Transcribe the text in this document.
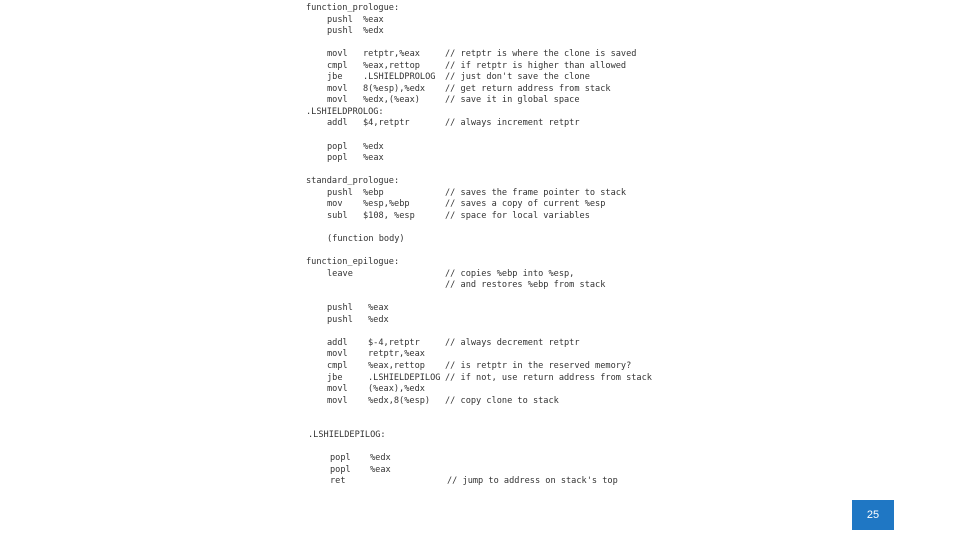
function_prologue:
pushl %eax
pushl %edx
movl retptr,%eax	// retptr is where the clone is saved
cmpl %eax,rettop	// if retptr is higher than allowed
jbe .LSHIELDPROLOG // just don't save the clone
movl 8(%esp),%edx // get return address from stack
movl %edx,(%eax)	// save it in global space
.LSHIELDPROLOG:
addl $4,retptr	// always increment retptr
popl %edx
popl %eax
standard_prologue:
pushl %ebp	// saves the frame pointer to stack
mov %esp,%ebp	// saves a copy of current %esp
subl $108, %esp	// space for local variables
(function body)
function_epilogue:
leave	// copies %ebp into %esp,
// and restores %ebp from stack
pushl %eax
pushl %edx
addl $-4,retptr	// always decrement retptr
movl retptr,%eax
cmpl %eax,rettop // is retptr in the reserved memory?
jbe	.LSHIELDEPILOG // if not, use return address from stack
movl (%eax),%edx
movl %edx,8(%esp) // copy clone to stack
.LSHIELDEPILOG:
popl %edx
popl %eax
ret	// jump to address on stack's top
25
